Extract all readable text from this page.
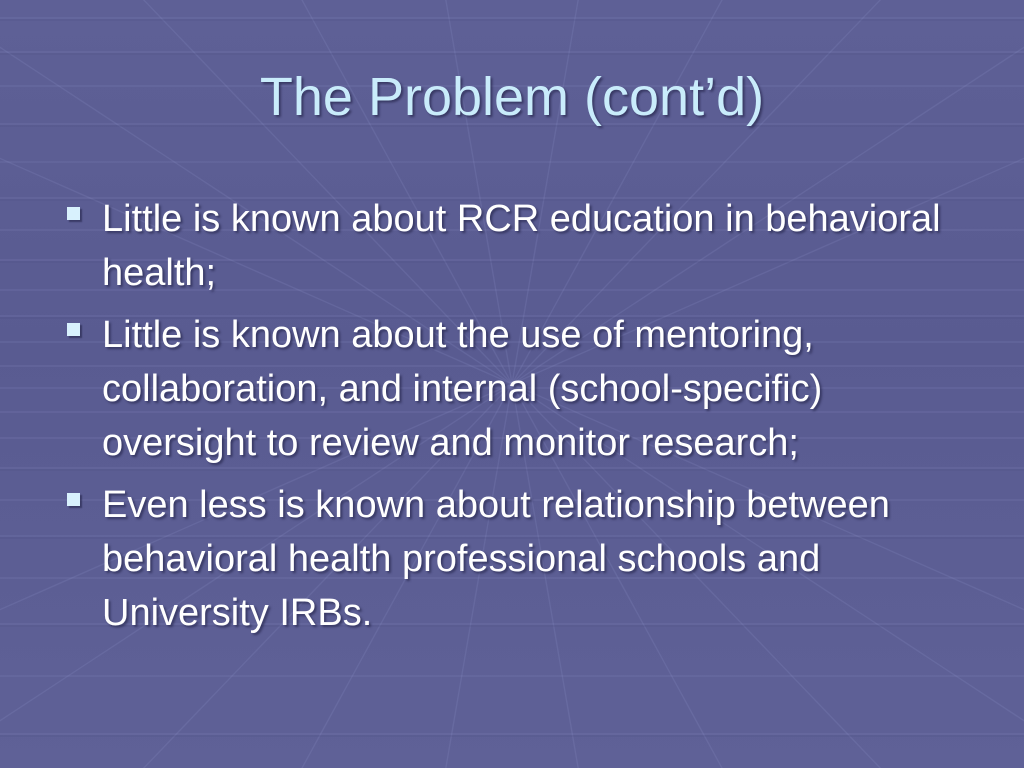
The Problem (cont’d)
Little is known about RCR education in behavioral health;
Little is known about the use of mentoring, collaboration, and internal (school-specific) oversight to review and monitor research;
Even less is known about relationship between behavioral health professional schools and University IRBs.
